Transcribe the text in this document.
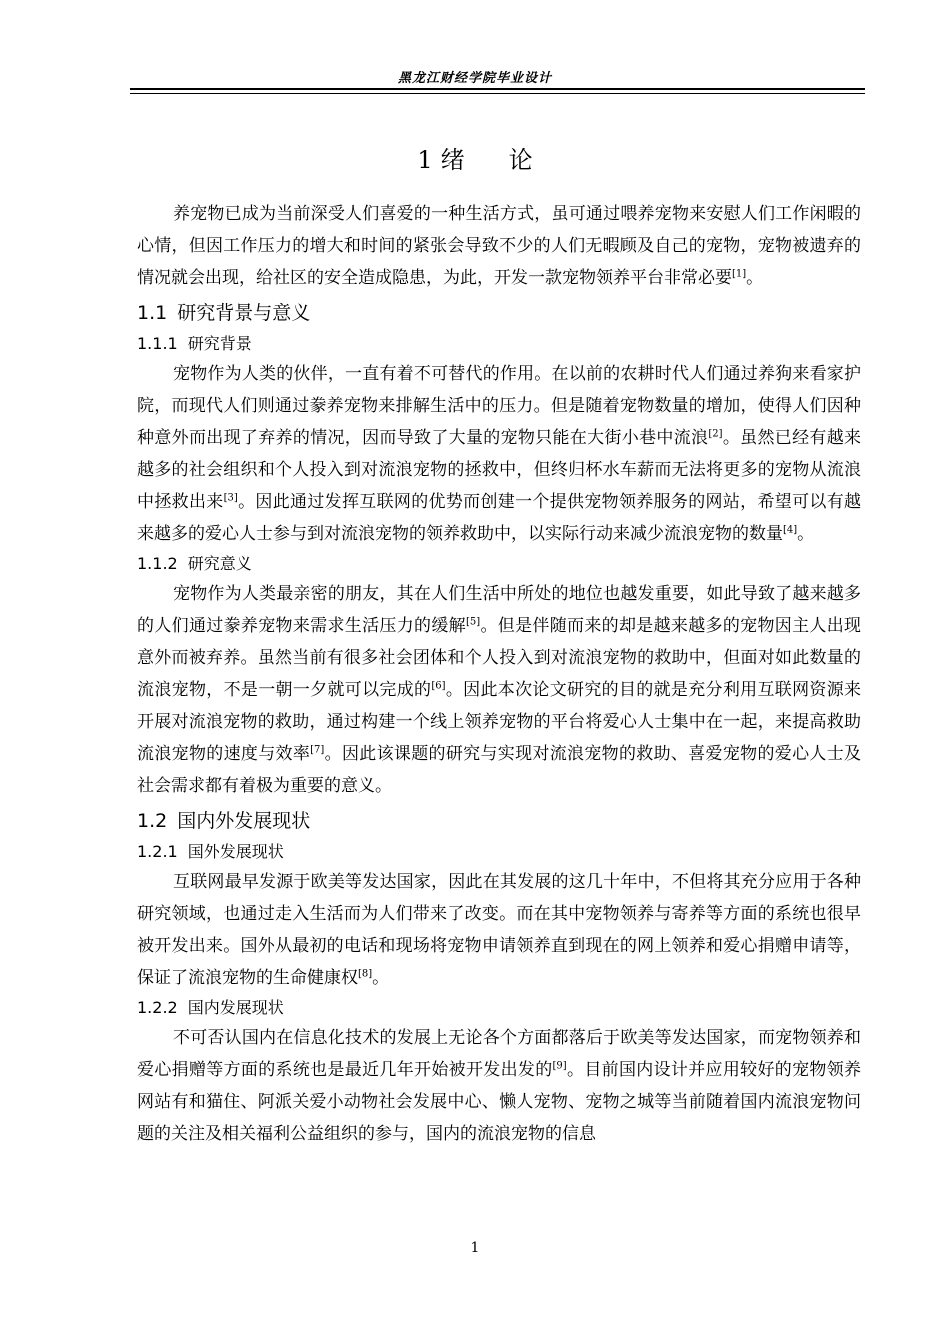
黑龙江财经学院毕业设计
1 绪 论

养宠物已成为当前深受人们喜爱的一种生活方式，虽可通过喂养宠物来安慰人们工作闲暇的心情，但因工作压力的增大和时间的紧张会导致不少的人们无暇顾及自己的宠物，宠物被遗弃的情况就会出现，给社区的安全造成隐患，为此，开发一款宠物领养平台非常必要[1]。

1.1 研究背景与意义
1.1.1 研究背景

宠物作为人类的伙伴，一直有着不可替代的作用。在以前的农耕时代人们通过养狗来看家护院，而现代人们则通过豢养宠物来排解生活中的压力。但是随着宠物数量的增加，使得人们因种种意外而出现了弃养的情况，因而导致了大量的宠物只能在大街小巷中流浪[2]。虽然已经有越来越多的社会组织和个人投入到对流浪宠物的拯救中，但终归杯水车薪而无法将更多的宠物从流浪中拯救出来[3]。因此通过发挥互联网的优势而创建一个提供宠物领养服务的网站，希望可以有越来越多的爱心人士参与到对流浪宠物的领养救助中，以实际行动来减少流浪宠物的数量[4]。

1.1.2 研究意义

宠物作为人类最亲密的朋友，其在人们生活中所处的地位也越发重要，如此导致了越来越多的人们通过豢养宠物来需求生活压力的缓解[5]。但是伴随而来的却是越来越多的宠物因主人出现意外而被弃养。虽然当前有很多社会团体和个人投入到对流浪宠物的救助中，但面对如此数量的流浪宠物，不是一朝一夕就可以完成的[6]。因此本次论文研究的目的就是充分利用互联网资源来开展对流浪宠物的救助，通过构建一个线上领养宠物的平台将爱心人士集中在一起，来提高救助流浪宠物的速度与效率[7]。因此该课题的研究与实现对流浪宠物的救助、喜爱宠物的爱心人士及社会需求都有着极为重要的意义。

1.2 国内外发展现状
1.2.1 国外发展现状

互联网最早发源于欧美等发达国家，因此在其发展的这几十年中，不但将其充分应用于各种研究领域，也通过走入生活而为人们带来了改变。而在其中宠物领养与寄养等方面的系统也很早被开发出来。国外从最初的电话和现场将宠物申请领养直到现在的网上领养和爱心捐赠申请等，保证了流浪宠物的生命健康权[8]。

1.2.2 国内发展现状

不可否认国内在信息化技术的发展上无论各个方面都落后于欧美等发达国家，而宠物领养和爱心捐赠等方面的系统也是最近几年开始被开发出发的[9]。目前国内设计并应用较好的宠物领养网站有和猫住、阿派关爱小动物社会发展中心、懒人宠物、宠物之城等当前随着国内流浪宠物问题的关注及相关福利公益组织的参与，国内的流浪宠物的信息

1
